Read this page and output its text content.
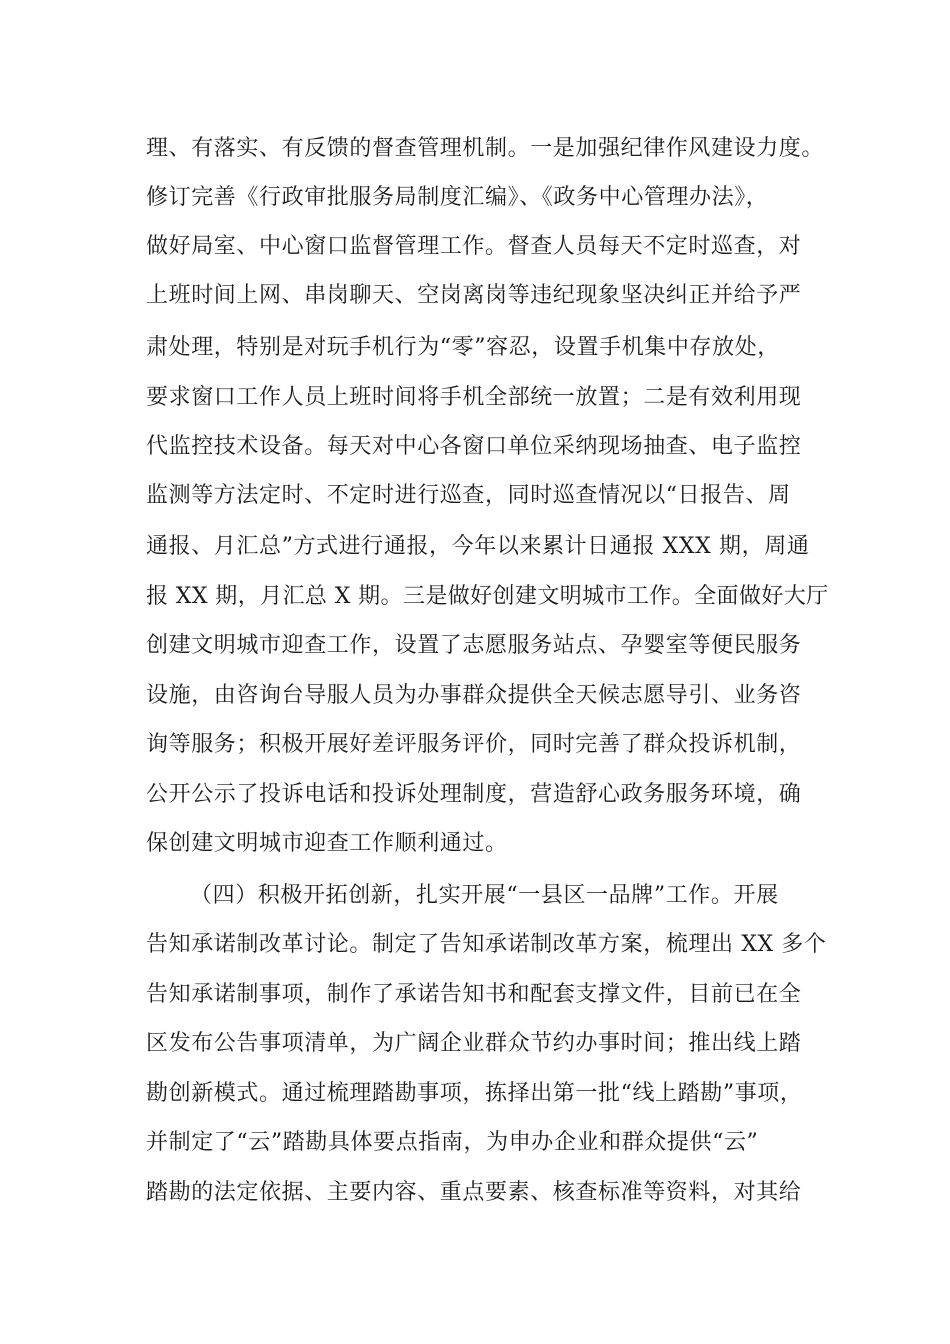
理、有落实、有反馈的督查管理机制。一是加强纪律作风建设力度。
修订完善《行政审批服务局制度汇编》、《政务中心管理办法》，
做好局室、中心窗口监督管理工作。督查人员每天不定时巡查，对
上班时间上网、串岗聊天、空岗离岗等违纪现象坚决纠正并给予严
肃处理，特别是对玩手机行为“零”容忍，设置手机集中存放处，
要求窗口工作人员上班时间将手机全部统一放置；二是有效利用现
代监控技术设备。每天对中心各窗口单位采纳现场抽查、电子监控
监测等方法定时、不定时进行巡查，同时巡查情况以“日报告、周
通报、月汇总”方式进行通报，今年以来累计日通报 XXX 期，周通
报 XX 期，月汇总 X 期。三是做好创建文明城市工作。全面做好大厅
创建文明城市迎查工作，设置了志愿服务站点、孕婴室等便民服务
设施，由咨询台导服人员为办事群众提供全天候志愿导引、业务咨
询等服务；积极开展好差评服务评价，同时完善了群众投诉机制，
公开公示了投诉电话和投诉处理制度，营造舒心政务服务环境，确
保创建文明城市迎查工作顺利通过。
（四）积极开拓创新，扎实开展“一县区一品牌”工作。开展
告知承诺制改革讨论。制定了告知承诺制改革方案，梳理出 XX 多个
告知承诺制事项，制作了承诺告知书和配套支撑文件，目前已在全
区发布公告事项清单，为广阔企业群众节约办事时间；推出线上踏
勘创新模式。通过梳理踏勘事项，拣择出第一批“线上踏勘”事项，
并制定了“云”踏勘具体要点指南，为申办企业和群众提供“云”
踏勘的法定依据、主要内容、重点要素、核查标准等资料，对其给
